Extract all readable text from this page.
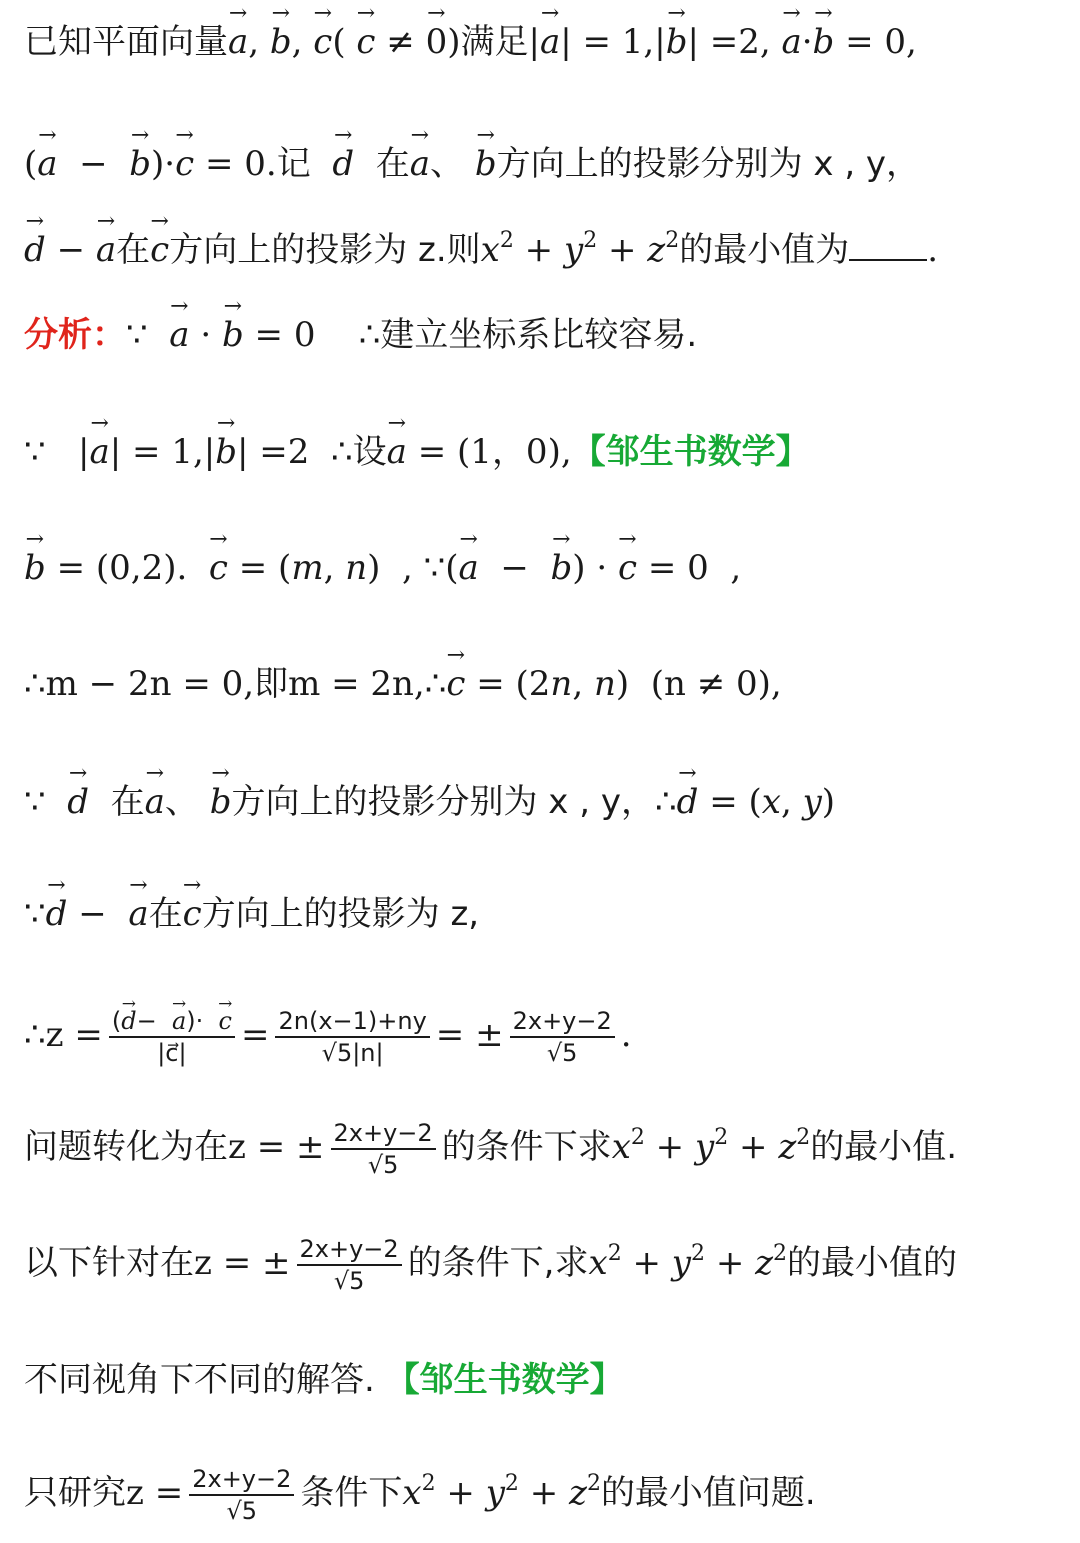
已知平面向量→ a, → b, → c( → c ≠ → 0)满足|→ a| = 1,|→ b| =2, → a·→ b = 0,
(→ a  −  → b)·→ c = 0.记 → d 在→ a、 → b方向上的投影分别为 x , y，
→ d − → a在→ c方向上的投影为 z.则$x^2 + y^2 + z^2$的最小值为 .
分析：∵  → a · → b = 0    ∴建立坐标系比较容易.
∵   |→ a| = 1,|→ b| =2  ∴设→ a = (1，0),【邹生书数学】
→ b = (0,2).  → c = (m, n)  , ∵(→ a  −  → b) · → c = 0  ,
∴m − 2n = 0,即m = 2n,∴→ c = (2n, n)  (n ≠ 0),
∵  → d 在→ a、 → b方向上的投影分别为 x , y，∴→ d = (x, y)
∵→ d −  → a在→ c方向上的投影为 z,
∴z = $\frac{(\to d- \to a)\cdot \to c}{|c⃗|} = \frac{2n(x-1)+ny}{√5|n|}$ = ± $\frac{2x+y-2}{√5}$ .
问题转化为在z = ± $\frac{2x+y-2}{√5}$ 的条件下求$x^2 + y^2 + z^2$的最小值.
以下针对在z = ± $\frac{2x+y-2}{√5}$ 的条件下,求$x^2 + y^2 + z^2$的最小值的
不同视角下不同的解答. 【邹生书数学】
只研究$z = \frac{2x+y-2}{√5}$ 条件下$x^2 + y^2 + z^2$的最小值问题.
